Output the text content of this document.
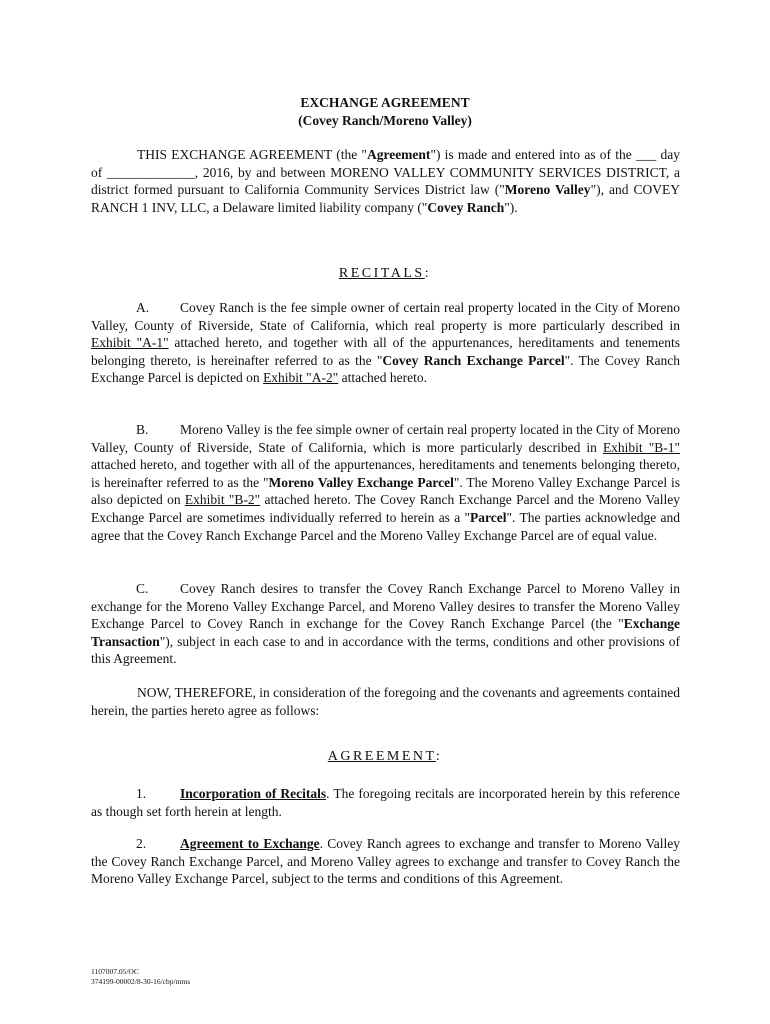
EXCHANGE AGREEMENT
(Covey Ranch/Moreno Valley)

THIS EXCHANGE AGREEMENT (the "Agreement") is made and entered into as of the ___ day of _____________, 2016, by and between MORENO VALLEY COMMUNITY SERVICES DISTRICT, a district formed pursuant to California Community Services District law ("Moreno Valley"), and COVEY RANCH 1 INV, LLC, a Delaware limited liability company ("Covey Ranch").

RECITALS:

A. Covey Ranch is the fee simple owner of certain real property located in the City of Moreno Valley, County of Riverside, State of California, which real property is more particularly described in Exhibit "A-1" attached hereto, and together with all of the appurtenances, hereditaments and tenements belonging thereto, is hereinafter referred to as the "Covey Ranch Exchange Parcel". The Covey Ranch Exchange Parcel is depicted on Exhibit "A-2" attached hereto.

B. Moreno Valley is the fee simple owner of certain real property located in the City of Moreno Valley, County of Riverside, State of California, which is more particularly described in Exhibit "B-1" attached hereto, and together with all of the appurtenances, hereditaments and tenements belonging thereto, is hereinafter referred to as the "Moreno Valley Exchange Parcel". The Moreno Valley Exchange Parcel is also depicted on Exhibit "B-2" attached hereto. The Covey Ranch Exchange Parcel and the Moreno Valley Exchange Parcel are sometimes individually referred to herein as a "Parcel". The parties acknowledge and agree that the Covey Ranch Exchange Parcel and the Moreno Valley Exchange Parcel are of equal value.

C. Covey Ranch desires to transfer the Covey Ranch Exchange Parcel to Moreno Valley in exchange for the Moreno Valley Exchange Parcel, and Moreno Valley desires to transfer the Moreno Valley Exchange Parcel to Covey Ranch in exchange for the Covey Ranch Exchange Parcel (the "Exchange Transaction"), subject in each case to and in accordance with the terms, conditions and other provisions of this Agreement.

NOW, THEREFORE, in consideration of the foregoing and the covenants and agreements contained herein, the parties hereto agree as follows:

AGREEMENT:

1.	Incorporation of Recitals. The foregoing recitals are incorporated herein by this reference as though set forth herein at length.

2.	Agreement to Exchange. Covey Ranch agrees to exchange and transfer to Moreno Valley the Covey Ranch Exchange Parcel, and Moreno Valley agrees to exchange and transfer to Covey Ranch the Moreno Valley Exchange Parcel, subject to the terms and conditions of this Agreement.

1107007.05/OC
374199-00002/8-30-16/cbp/mms
